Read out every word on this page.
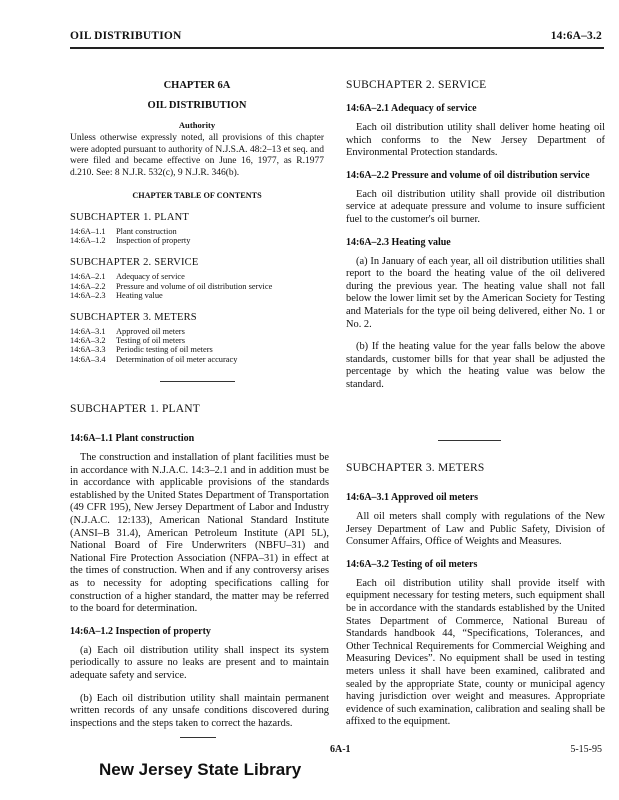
OIL DISTRIBUTION	14:6A–3.2
CHAPTER 6A
OIL DISTRIBUTION
Authority
Unless otherwise expressly noted, all provisions of this chapter were adopted pursuant to authority of N.J.S.A. 48:2–13 et seq. and were filed and became effective on June 16, 1977, as R.1977 d.210. See: 8 N.J.R. 532(c), 9 N.J.R. 346(b).
CHAPTER TABLE OF CONTENTS
SUBCHAPTER 1. PLANT
14:6A–1.1 Plant construction
14:6A–1.2 Inspection of property
SUBCHAPTER 2. SERVICE
14:6A–2.1 Adequacy of service
14:6A–2.2 Pressure and volume of oil distribution service
14:6A–2.3 Heating value
SUBCHAPTER 3. METERS
14:6A–3.1 Approved oil meters
14:6A–3.2 Testing of oil meters
14:6A–3.3 Periodic testing of oil meters
14:6A–3.4 Determination of oil meter accuracy
SUBCHAPTER 1. PLANT
14:6A–1.1 Plant construction

The construction and installation of plant facilities must be in accordance with N.J.A.C. 14:3–2.1 and in addition must be in accordance with applicable provisions of the standards established by the United States Department of Transportation (49 CFR 195), New Jersey Department of Labor and Industry (N.J.A.C. 12:133), American National Standard Institute (ANSI–B 31.4), American Petroleum Institute (API 5L), National Board of Fire Underwriters (NBFU–31) and National Fire Protection Association (NFPA–31) in effect at the times of construction. When and if any controversy arises as to necessity for adopting specifications calling for construction of a higher standard, the matter may be referred to the board for determination.

14:6A–1.2 Inspection of property

(a) Each oil distribution utility shall inspect its system periodically to assure no leaks are present and to maintain adequate safety and service.

(b) Each oil distribution utility shall maintain permanent written records of any unsafe conditions discovered during inspections and the steps taken to correct the hazards.

SUBCHAPTER 2. SERVICE
14:6A–2.1 Adequacy of service

Each oil distribution utility shall deliver home heating oil which conforms to the New Jersey Department of Environmental Protection standards.

14:6A–2.2 Pressure and volume of oil distribution service

Each oil distribution utility shall provide oil distribution service at adequate pressure and volume to insure sufficient fuel to the customer's oil burner.

14:6A–2.3 Heating value

(a) In January of each year, all oil distribution utilities shall report to the board the heating value of the oil delivered during the previous year. The heating value shall not fall below the lower limit set by the American Society for Testing and Materials for the type oil being delivered, either No. 1 or No. 2.

(b) If the heating value for the year falls below the above standards, customer bills for that year shall be adjusted the percentage by which the heating value was below the standard.

SUBCHAPTER 3. METERS
14:6A–3.1 Approved oil meters

All oil meters shall comply with regulations of the New Jersey Department of Law and Public Safety, Division of Consumer Affairs, Office of Weights and Measures.

14:6A–3.2 Testing of oil meters

Each oil distribution utility shall provide itself with equipment necessary for testing meters, such equipment shall be in accordance with the standards established by the United States Department of Commerce, National Bureau of Standards handbook 44, “Specifications, Tolerances, and Other Technical Requirements for Commercial Weighing and Measuring Devices”. No equipment shall be used in testing meters unless it shall have been examined, calibrated and sealed by the appropriate State, county or municipal agency having jurisdiction over weight and measures. Appropriate evidence of such examination, calibration and sealing shall be affixed to the equipment.

6A-1	5-15-95
New Jersey State Library
